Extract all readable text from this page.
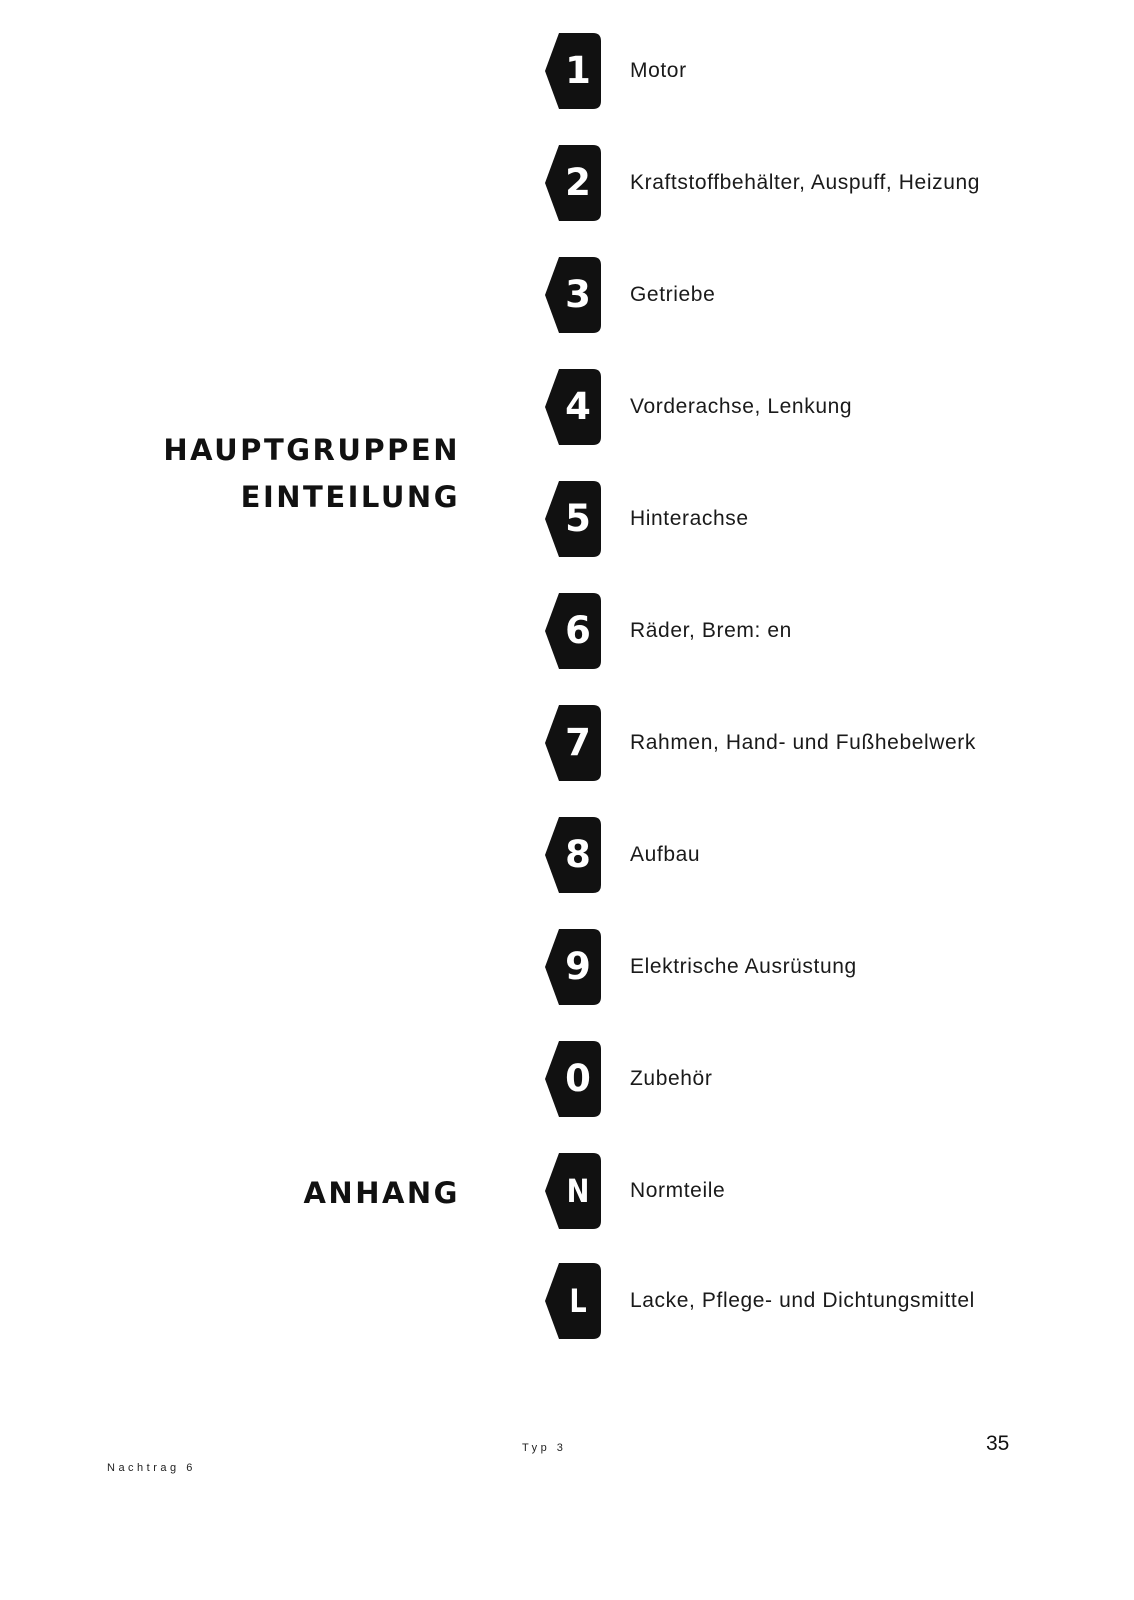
HAUPTGRUPPEN
EINTEILUNG
ANHANG
1	Motor
2	Kraftstoffbehälter, Auspuff, Heizung
3	Getriebe
4	Vorderachse, Lenkung
5	Hinterachse
6	Räder, Brem: en
7	Rahmen, Hand- und Fußhebelwerk
8	Aufbau
9	Elektrische Ausrüstung
0	Zubehör
N Normteile
L	Lacke, Pflege- und Dichtungsmittel
Typ 3	35
Nachtrag 6
